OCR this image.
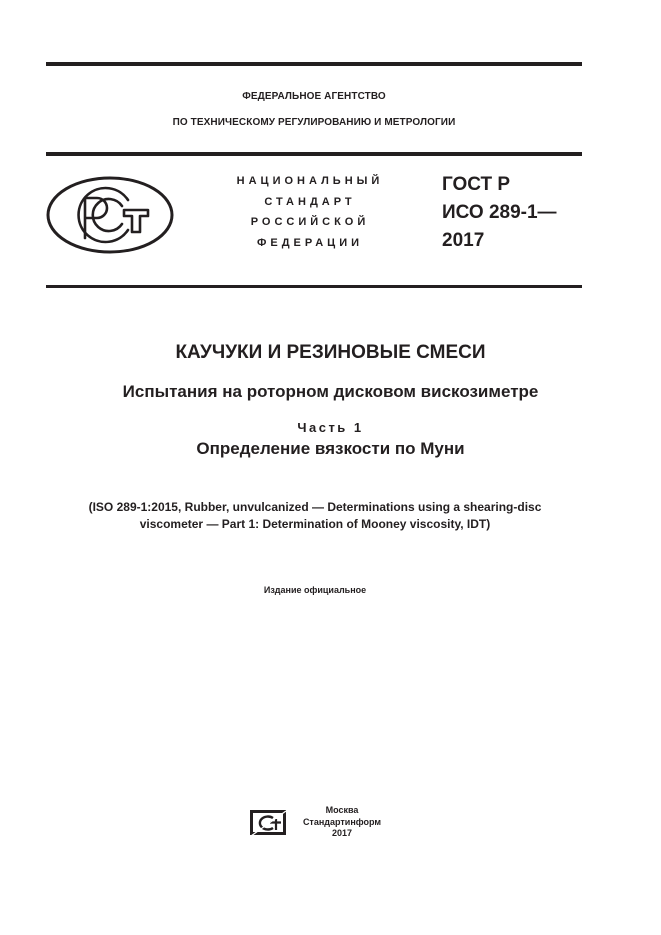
ФЕДЕРАЛЬНОЕ АГЕНТСТВО
ПО ТЕХНИЧЕСКОМУ РЕГУЛИРОВАНИЮ И МЕТРОЛОГИИ
НАЦИОНАЛЬНЫЙ
СТАНДАРТ
РОССИЙСКОЙ
ФЕДЕРАЦИИ
ГОСТ Р
ИСО 289-1—
2017
КАУЧУКИ И РЕЗИНОВЫЕ СМЕСИ
Испытания на роторном дисковом вискозиметре
Часть 1
Определение вязкости по Муни
(ISO 289-1:2015, Rubber, unvulcanized — Determinations using a shearing-disc
viscometer — Part 1: Determination of Mooney viscosity, IDT)
Издание официальное
Москва
Стандартинформ
2017
